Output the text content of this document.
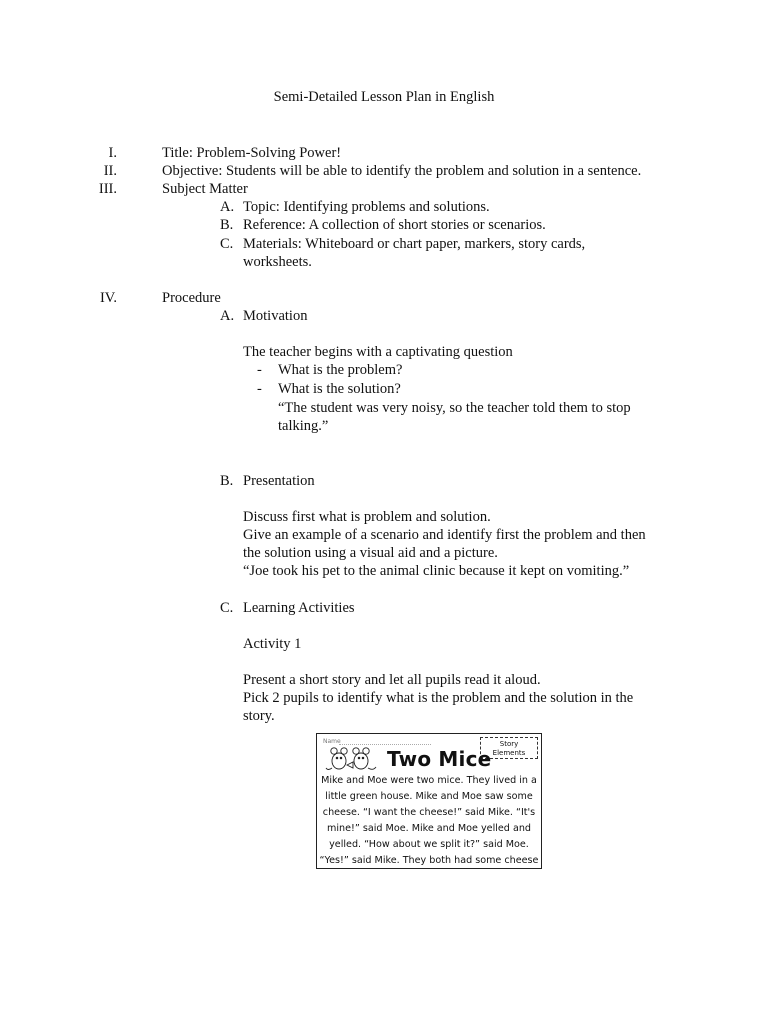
Semi-Detailed Lesson Plan in English
I.	Title: Problem-Solving Power!
II.	Objective: Students will be able to identify the problem and solution in a sentence.
III.	Subject Matter
A. Topic: Identifying problems and solutions.
B. Reference: A collection of short stories or scenarios.
C. Materials: Whiteboard or chart paper, markers, story cards,
worksheets.
IV.	Procedure
A. Motivation
The teacher begins with a captivating question
- What is the problem?
- What is the solution?
“The student was very noisy, so the teacher told them to stop
talking.”
B. Presentation
Discuss first what is problem and solution.
Give an example of a scenario and identify first the problem and then
the solution using a visual aid and a picture.
“Joe took his pet to the animal clinic because it kept on vomiting.”
C. Learning Activities
Activity 1
Present a short story and let all pupils read it aloud.
Pick 2 pupils to identify what is the problem and the solution in the
story.
Name	Story
Elements
Two Mice
Mike and Moe were two mice. They lived in a
little green house. Mike and Moe saw some
cheese. “I want the cheese!” said Mike. “It's
mine!” said Moe. Mike and Moe yelled and
yelled. “How about we split it?” said Moe.
“Yes!” said Mike. They both had some cheese
